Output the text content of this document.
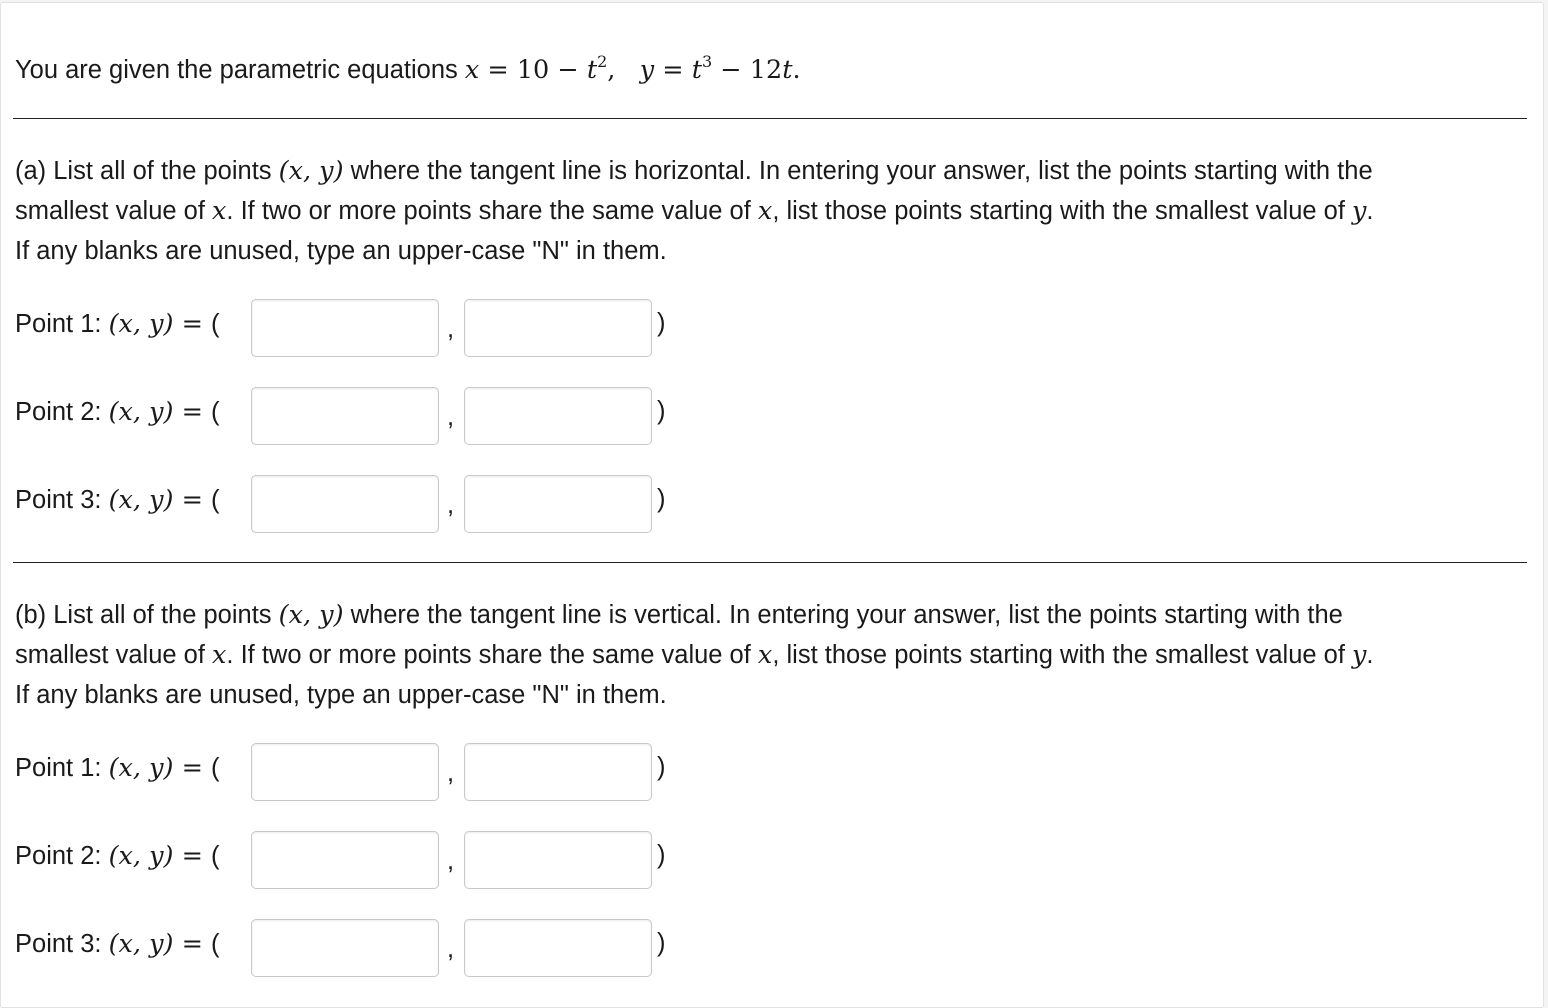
You are given the parametric equations $x = 10 - t^2$,   $y = t^3 - 12t$.
(a) List all of the points (x, y) where the tangent line is horizontal. In entering your answer, list the points starting with the
smallest value of x. If two or more points share the same value of x, list those points starting with the smallest value of y.
If any blanks are unused, type an upper-case "N" in them.
Point 1: (x, y) = (	,	)
Point 2: (x, y) = (	,	)
Point 3: (x, y) = (	,	)
(b) List all of the points (x, y) where the tangent line is vertical. In entering your answer, list the points starting with the
smallest value of x. If two or more points share the same value of x, list those points starting with the smallest value of y.
If any blanks are unused, type an upper-case "N" in them.
Point 1: (x, y) = (	,	)
Point 2: (x, y) = (	,	)
Point 3: (x, y) = (	,	)
